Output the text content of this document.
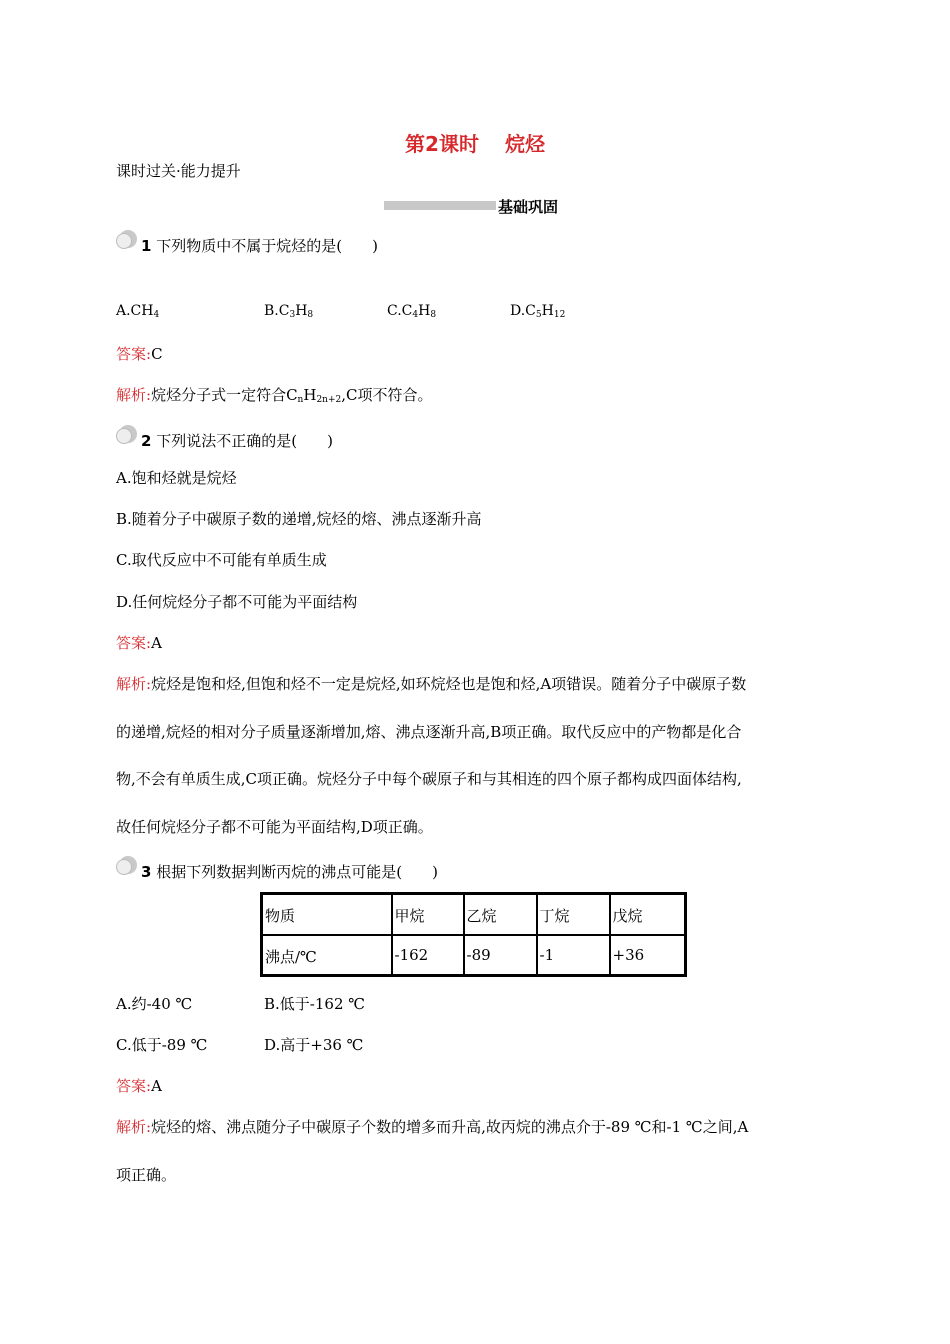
第2课时 烷烃
课时过关·能力提升
基础巩固
1 下列物质中不属于烷烃的是(　　)
$A.CH_4$	$B.C_3H_8$	$C.C_4H_8$	$D.C_5H_{12}$
答案:C
解析:烷烃分子式一定符合$C_nH_{2n+2},C$项不符合。
2 下列说法不正确的是(　　)
A.饱和烃就是烷烃
B.随着分子中碳原子数的递增,烷烃的熔、沸点逐渐升高
C.取代反应中不可能有单质生成
D.任何烷烃分子都不可能为平面结构
答案:A
解析:烷烃是饱和烃,但饱和烃不一定是烷烃,如环烷烃也是饱和烃,A项错误。随着分子中碳原子数
的递增,烷烃的相对分子质量逐渐增加,熔、沸点逐渐升高,B项正确。取代反应中的产物都是化合
物,不会有单质生成,C项正确。烷烃分子中每个碳原子和与其相连的四个原子都构成四面体结构,
故任何烷烃分子都不可能为平面结构,D项正确。
3 根据下列数据判断丙烷的沸点可能是(　　)
物质	甲烷	乙烷	丁烷	戊烷
沸点/℃	-162	-89	-1	+36
A.约-40 ℃	B.低于-162 ℃
C.低于-89 ℃	D.高于+36 ℃
答案:A
解析:烷烃的熔、沸点随分子中碳原子个数的增多而升高,故丙烷的沸点介于-89 ℃和-1 ℃之间,A
项正确。
